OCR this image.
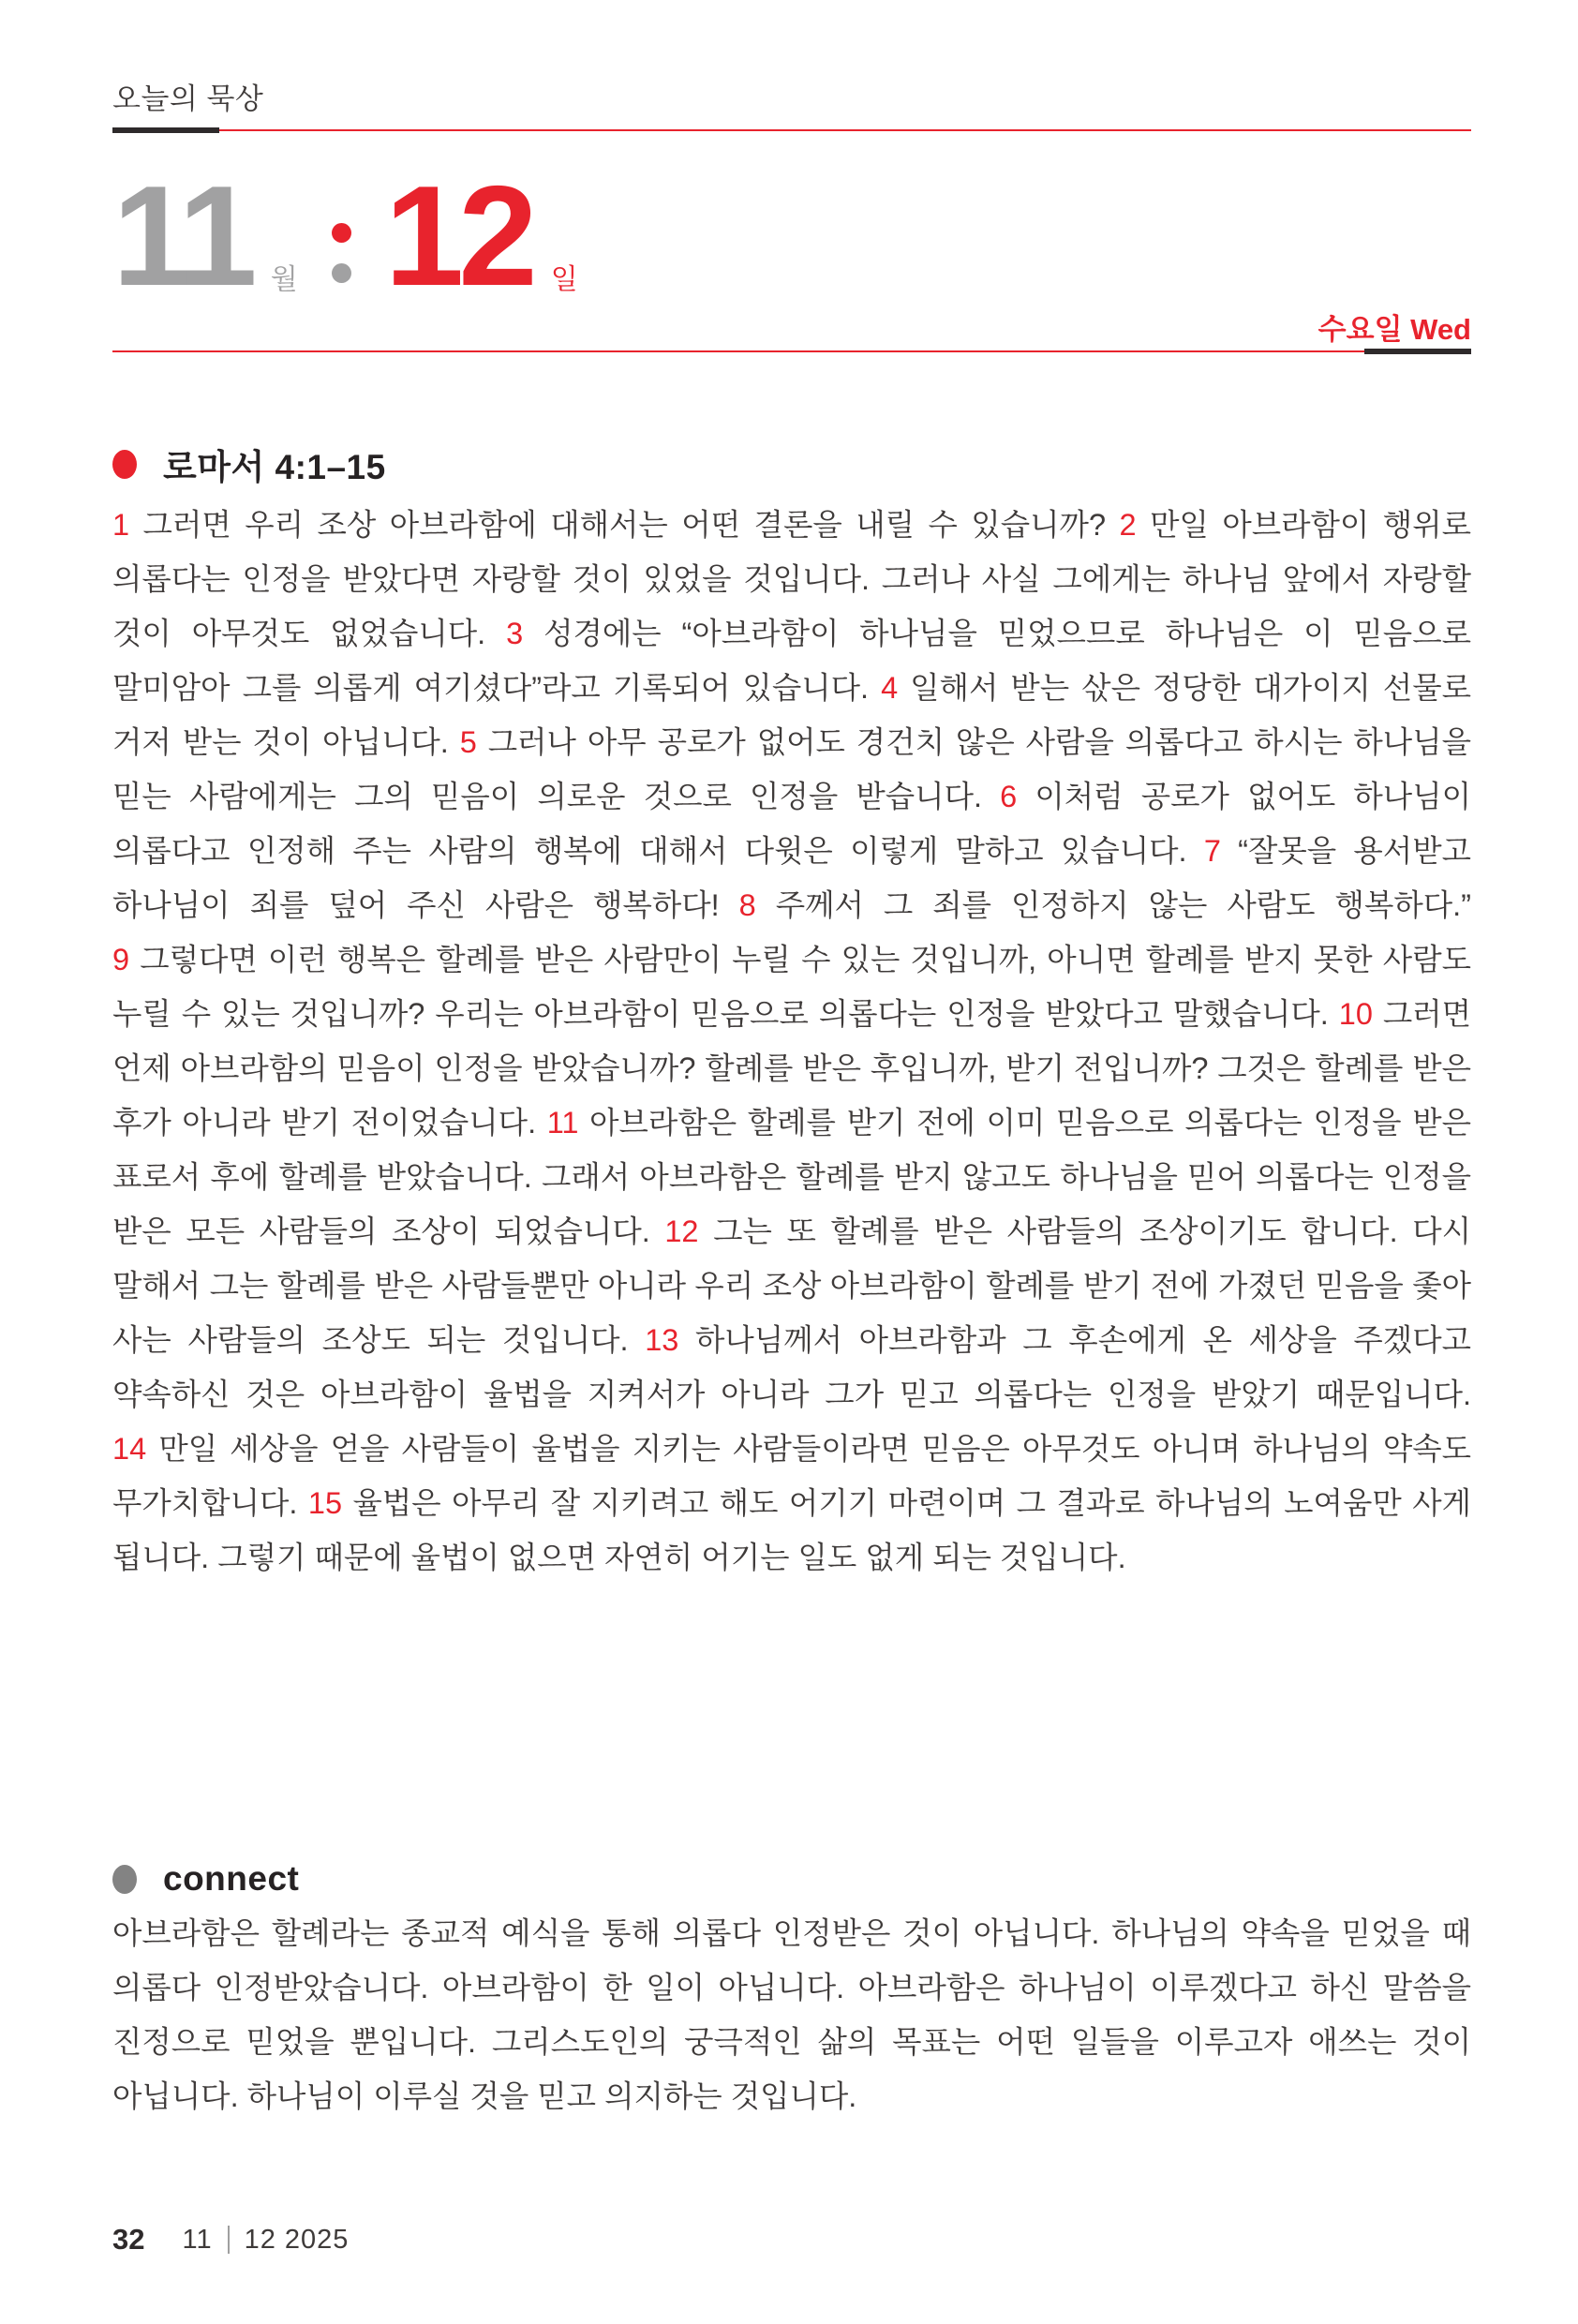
오늘의 묵상
11 월 12 일
수요일 Wed
로마서 4:1–15
1 그러면 우리 조상 아브라함에 대해서는 어떤 결론을 내릴 수 있습니까? 2 만일 아브라함이 행위로 의롭다는 인정을 받았다면 자랑할 것이 있었을 것입니다. 그러나 사실 그에게는 하나님 앞에서 자랑할 것이 아무것도 없었습니다. 3 성경에는 “아브라함이 하나님을 믿었으므로 하나님은 이 믿음으로 말미암아 그를 의롭게 여기셨다”라고 기록되어 있습니다. 4 일해서 받는 삯은 정당한 대가이지 선물로 거저 받는 것이 아닙니다. 5 그러나 아무 공로가 없어도 경건치 않은 사람을 의롭다고 하시는 하나님을 믿는 사람에게는 그의 믿음이 의로운 것으로 인정을 받습니다. 6 이처럼 공로가 없어도 하나님이 의롭다고 인정해 주는 사람의 행복에 대해서 다윗은 이렇게 말하고 있습니다. 7 “잘못을 용서받고 하나님이 죄를 덮어 주신 사람은 행복하다! 8 주께서 그 죄를 인정하지 않는 사람도 행복하다.” 9 그렇다면 이런 행복은 할례를 받은 사람만이 누릴 수 있는 것입니까, 아니면 할례를 받지 못한 사람도 누릴 수 있는 것입니까? 우리는 아브라함이 믿음으로 의롭다는 인정을 받았다고 말했습니다. 10 그러면 언제 아브라함의 믿음이 인정을 받았습니까? 할례를 받은 후입니까, 받기 전입니까? 그것은 할례를 받은 후가 아니라 받기 전이었습니다. 11 아브라함은 할례를 받기 전에 이미 믿음으로 의롭다는 인정을 받은 표로서 후에 할례를 받았습니다. 그래서 아브라함은 할례를 받지 않고도 하나님을 믿어 의롭다는 인정을 받은 모든 사람들의 조상이 되었습니다. 12 그는 또 할례를 받은 사람들의 조상이기도 합니다. 다시 말해서 그는 할례를 받은 사람들뿐만 아니라 우리 조상 아브라함이 할례를 받기 전에 가졌던 믿음을 좇아 사는 사람들의 조상도 되는 것입니다. 13 하나님께서 아브라함과 그 후손에게 온 세상을 주겠다고 약속하신 것은 아브라함이 율법을 지켜서가 아니라 그가 믿고 의롭다는 인정을 받았기 때문입니다. 14 만일 세상을 얻을 사람들이 율법을 지키는 사람들이라면 믿음은 아무것도 아니며 하나님의 약속도 무가치합니다. 15 율법은 아무리 잘 지키려고 해도 어기기 마련이며 그 결과로 하나님의 노여움만 사게 됩니다. 그렇기 때문에 율법이 없으면 자연히 어기는 일도 없게 되는 것입니다.
connect
아브라함은 할례라는 종교적 예식을 통해 의롭다 인정받은 것이 아닙니다. 하나님의 약속을 믿었을 때 의롭다 인정받았습니다. 아브라함이 한 일이 아닙니다. 아브라함은 하나님이 이루겠다고 하신 말씀을 진정으로 믿었을 뿐입니다. 그리스도인의 궁극적인 삶의 목표는 어떤 일들을 이루고자 애쓰는 것이 아닙니다. 하나님이 이루실 것을 믿고 의지하는 것입니다.
32 11 12 2025
